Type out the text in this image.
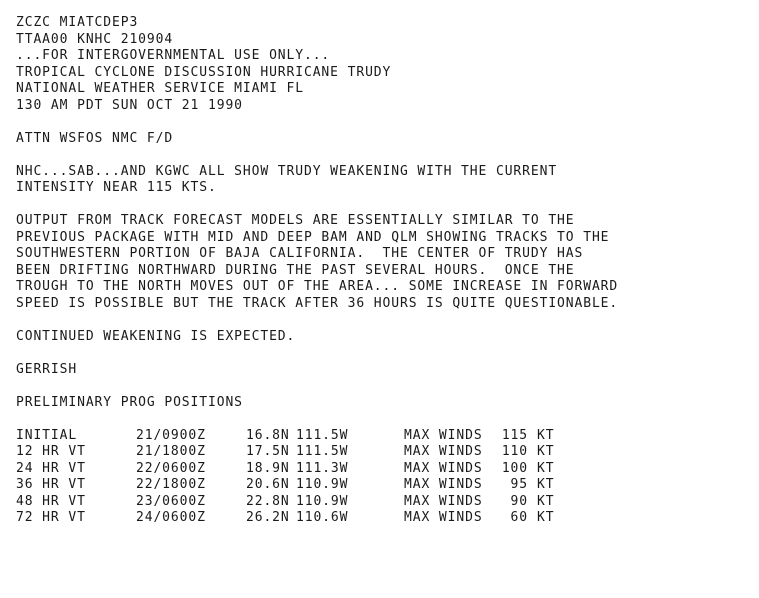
ZCZC MIATCDEP3
TTAA00 KNHC 210904
...FOR INTERGOVERNMENTAL USE ONLY...
TROPICAL CYCLONE DISCUSSION HURRICANE TRUDY
NATIONAL WEATHER SERVICE MIAMI FL
130 AM PDT SUN OCT 21 1990
ATTN WSFOS NMC F/D
NHC...SAB...AND KGWC ALL SHOW TRUDY WEAKENING WITH THE CURRENT
INTENSITY NEAR 115 KTS.
OUTPUT FROM TRACK FORECAST MODELS ARE ESSENTIALLY SIMILAR TO THE
PREVIOUS PACKAGE WITH MID AND DEEP BAM AND QLM SHOWING TRACKS TO THE
SOUTHWESTERN PORTION OF BAJA CALIFORNIA.  THE CENTER OF TRUDY HAS
BEEN DRIFTING NORTHWARD DURING THE PAST SEVERAL HOURS.  ONCE THE
TROUGH TO THE NORTH MOVES OUT OF THE AREA... SOME INCREASE IN FORWARD
SPEED IS POSSIBLE BUT THE TRACK AFTER 36 HOURS IS QUITE QUESTIONABLE.
CONTINUED WEAKENING IS EXPECTED.
GERRISH
PRELIMINARY PROG POSITIONS
INITIAL	21/0900Z	16.8N	111.5W	MAX WINDS	115	KT
12 HR VT	21/1800Z	17.5N	111.5W	MAX WINDS	110	KT
24 HR VT	22/0600Z	18.9N	111.3W	MAX WINDS	100	KT
36 HR VT	22/1800Z	20.6N	110.9W	MAX WINDS	95	KT
48 HR VT	23/0600Z	22.8N	110.9W	MAX WINDS	90	KT
72 HR VT	24/0600Z	26.2N	110.6W	MAX WINDS	60	KT
